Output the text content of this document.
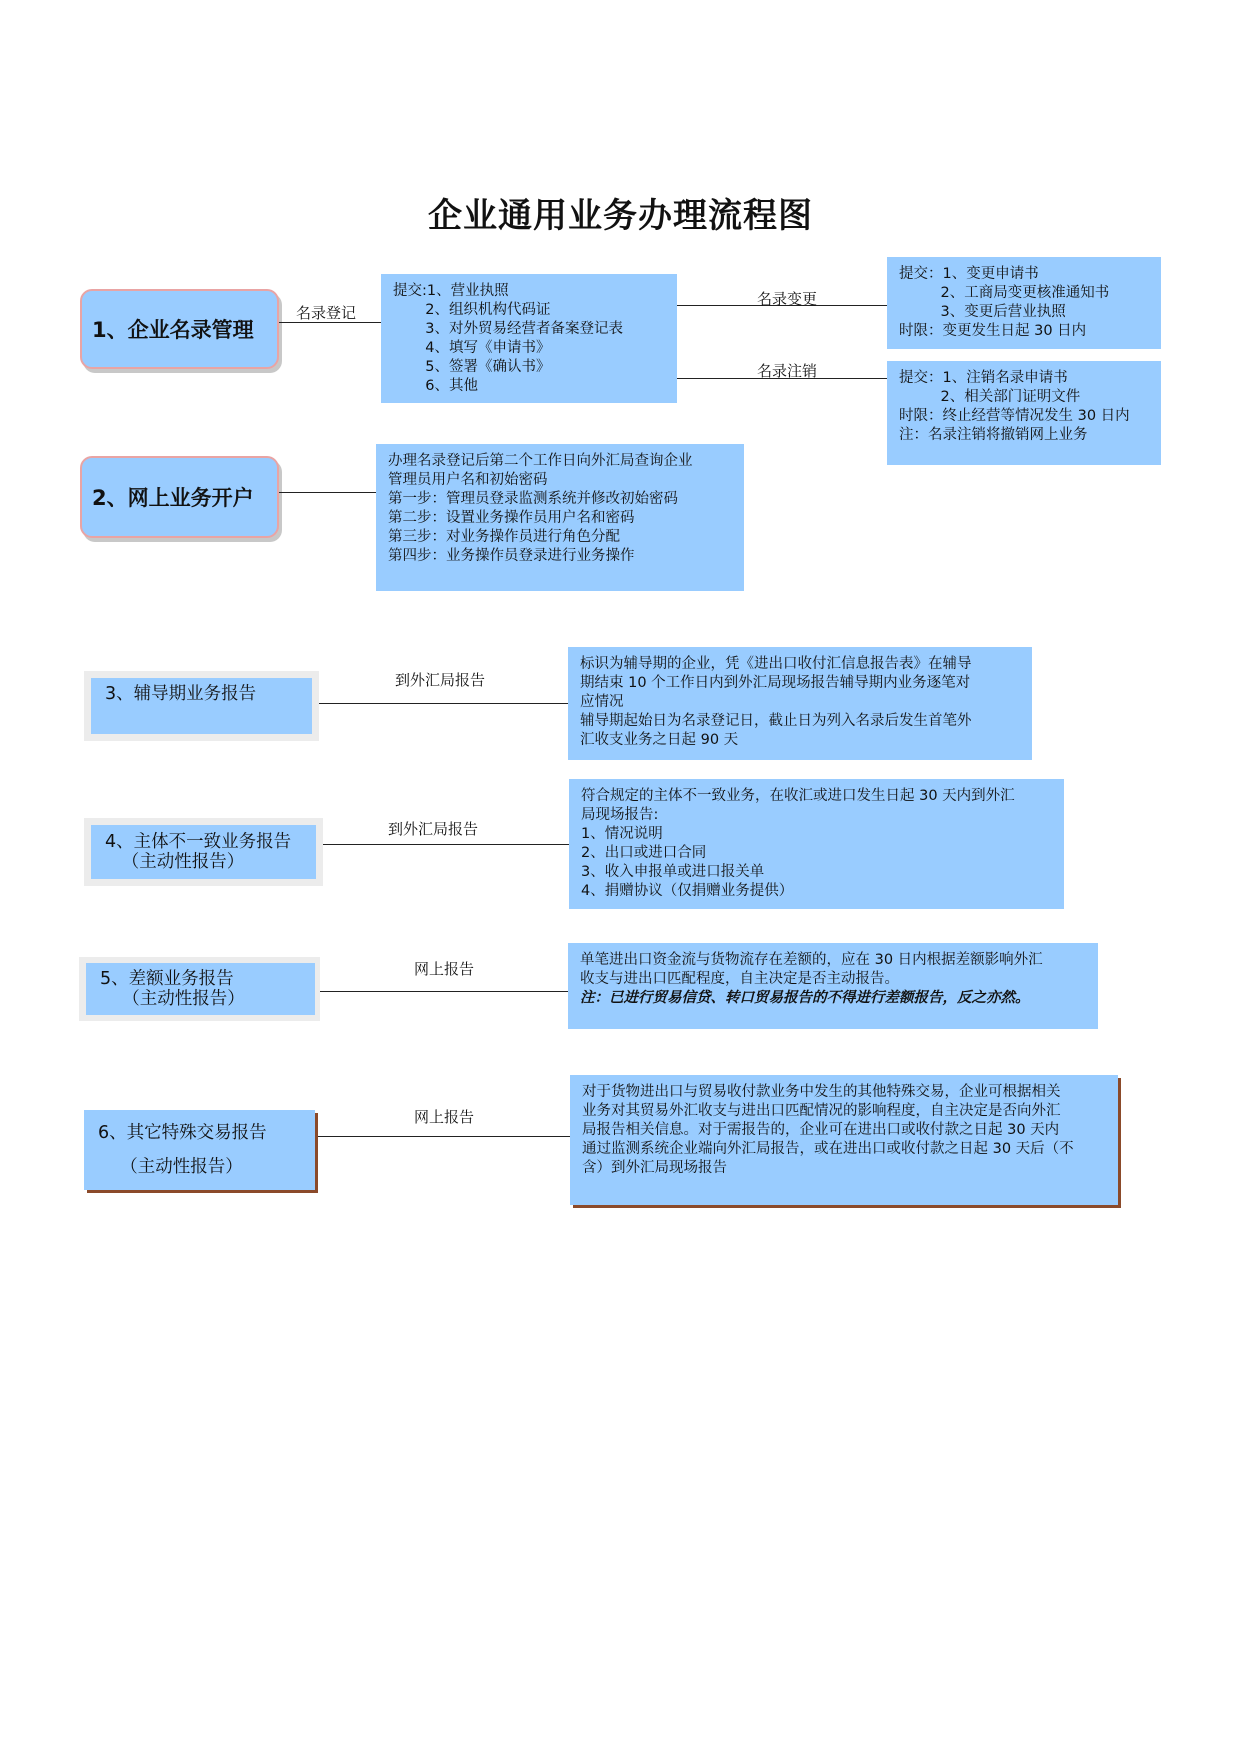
企业通用业务办理流程图
1、企业名录管理
名录登记
提交:1、营业执照
2、组织机构代码证
3、对外贸易经营者备案登记表
4、填写《申请书》
5、签署《确认书》
6、其他
名录变更
名录注销
提交：1、变更申请书
2、工商局变更核准通知书
3、变更后营业执照
时限：变更发生日起 30 日内
提交：1、注销名录申请书
2、相关部门证明文件
时限：终止经营等情况发生 30 日内
注：名录注销将撤销网上业务
2、网上业务开户
办理名录登记后第二个工作日向外汇局查询企业
管理员用户名和初始密码
第一步：管理员登录监测系统并修改初始密码
第二步：设置业务操作员用户名和密码
第三步：对业务操作员进行角色分配
第四步：业务操作员登录进行业务操作
3、辅导期业务报告
到外汇局报告
标识为辅导期的企业，凭《进出口收付汇信息报告表》在辅导
期结束 10 个工作日内到外汇局现场报告辅导期内业务逐笔对
应情况
辅导期起始日为名录登记日，截止日为列入名录后发生首笔外
汇收支业务之日起 90 天
4、主体不一致业务报告
（主动性报告）
到外汇局报告
符合规定的主体不一致业务，在收汇或进口发生日起 30 天内到外汇
局现场报告:
1、情况说明
2、出口或进口合同
3、收入申报单或进口报关单
4、捐赠协议（仅捐赠业务提供）
5、差额业务报告
（主动性报告）
网上报告	单笔进出口资金流与货物流存在差额的，应在 30 日内根据差额影响外汇
收支与进出口匹配程度，自主决定是否主动报告。
注：已进行贸易信贷、转口贸易报告的不得进行差额报告，反之亦然。
6、其它特殊交易报告
（主动性报告）
网上报告
对于货物进出口与贸易收付款业务中发生的其他特殊交易，企业可根据相关
业务对其贸易外汇收支与进出口匹配情况的影响程度，自主决定是否向外汇
局报告相关信息。对于需报告的，企业可在进出口或收付款之日起 30 天内
通过监测系统企业端向外汇局报告，或在进出口或收付款之日起 30 天后（不
含）到外汇局现场报告
